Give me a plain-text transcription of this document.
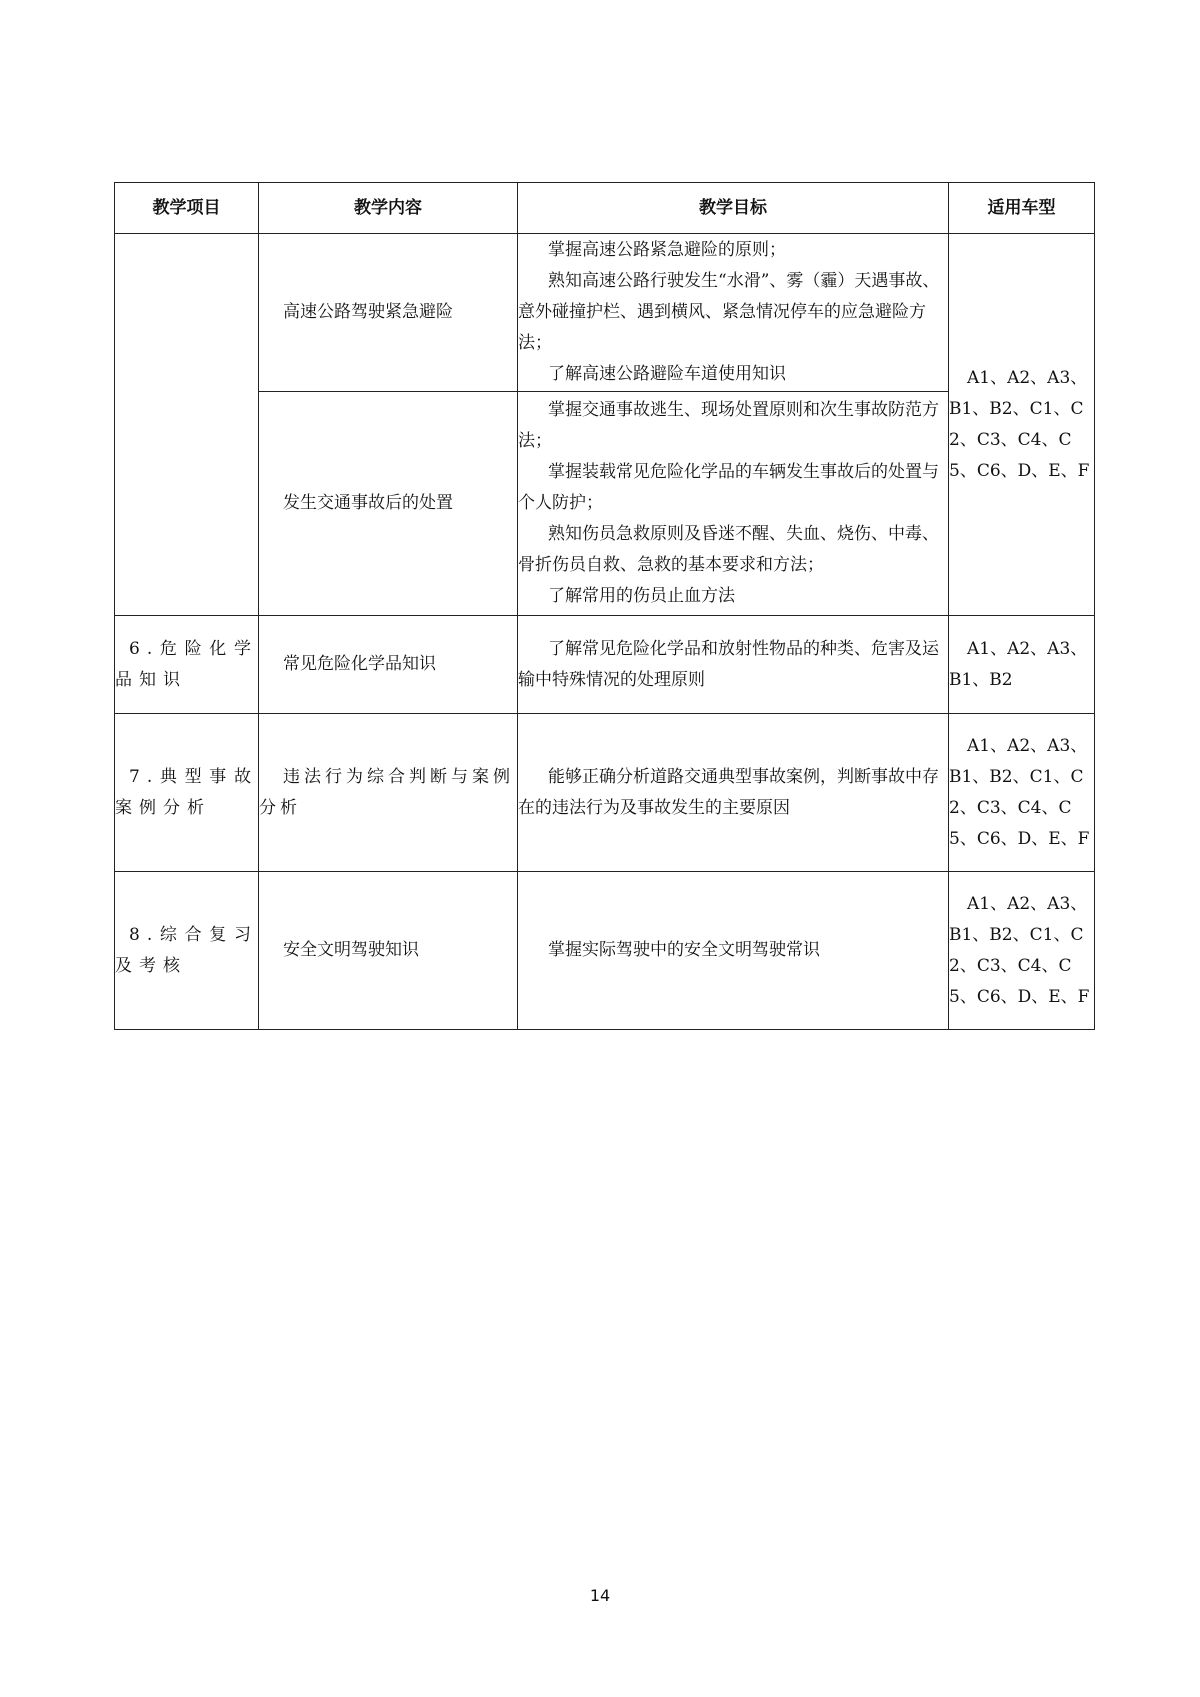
教学项目	教学内容	教学目标	适用车型

	高速公路驾驶紧急避险	掌握高速公路紧急避险的原则；
熟知高速公路行驶发生“水滑”、雾（霾）天遇事故、意外碰撞护栏、遇到横风、紧急情况停车的应急避险方法；
了解高速公路避险车道使用知识	A1、A2、A3、B1、B2、C1、C2、C3、C4、C5、C6、D、E、F

	发生交通事故后的处置	掌握交通事故逃生、现场处置原则和次生事故防范方法；
掌握装载常见危险化学品的车辆发生事故后的处置与个人防护；
熟知伤员急救原则及昏迷不醒、失血、烧伤、中毒、骨折伤员自救、急救的基本要求和方法；
了解常用的伤员止血方法	

6.危险化学品知识	常见危险化学品知识	了解常见危险化学品和放射性物品的种类、危害及运输中特殊情况的处理原则	A1、A2、A3、B1、B2

7.典型事故案例分析	违法行为综合判断与案例分析	能够正确分析道路交通典型事故案例，判断事故中存在的违法行为及事故发生的主要原因	A1、A2、A3、B1、B2、C1、C2、C3、C4、C5、C6、D、E、F

8.综合复习及考核	安全文明驾驶知识	掌握实际驾驶中的安全文明驾驶常识	A1、A2、A3、B1、B2、C1、C2、C3、C4、C5、C6、D、E、F
14
